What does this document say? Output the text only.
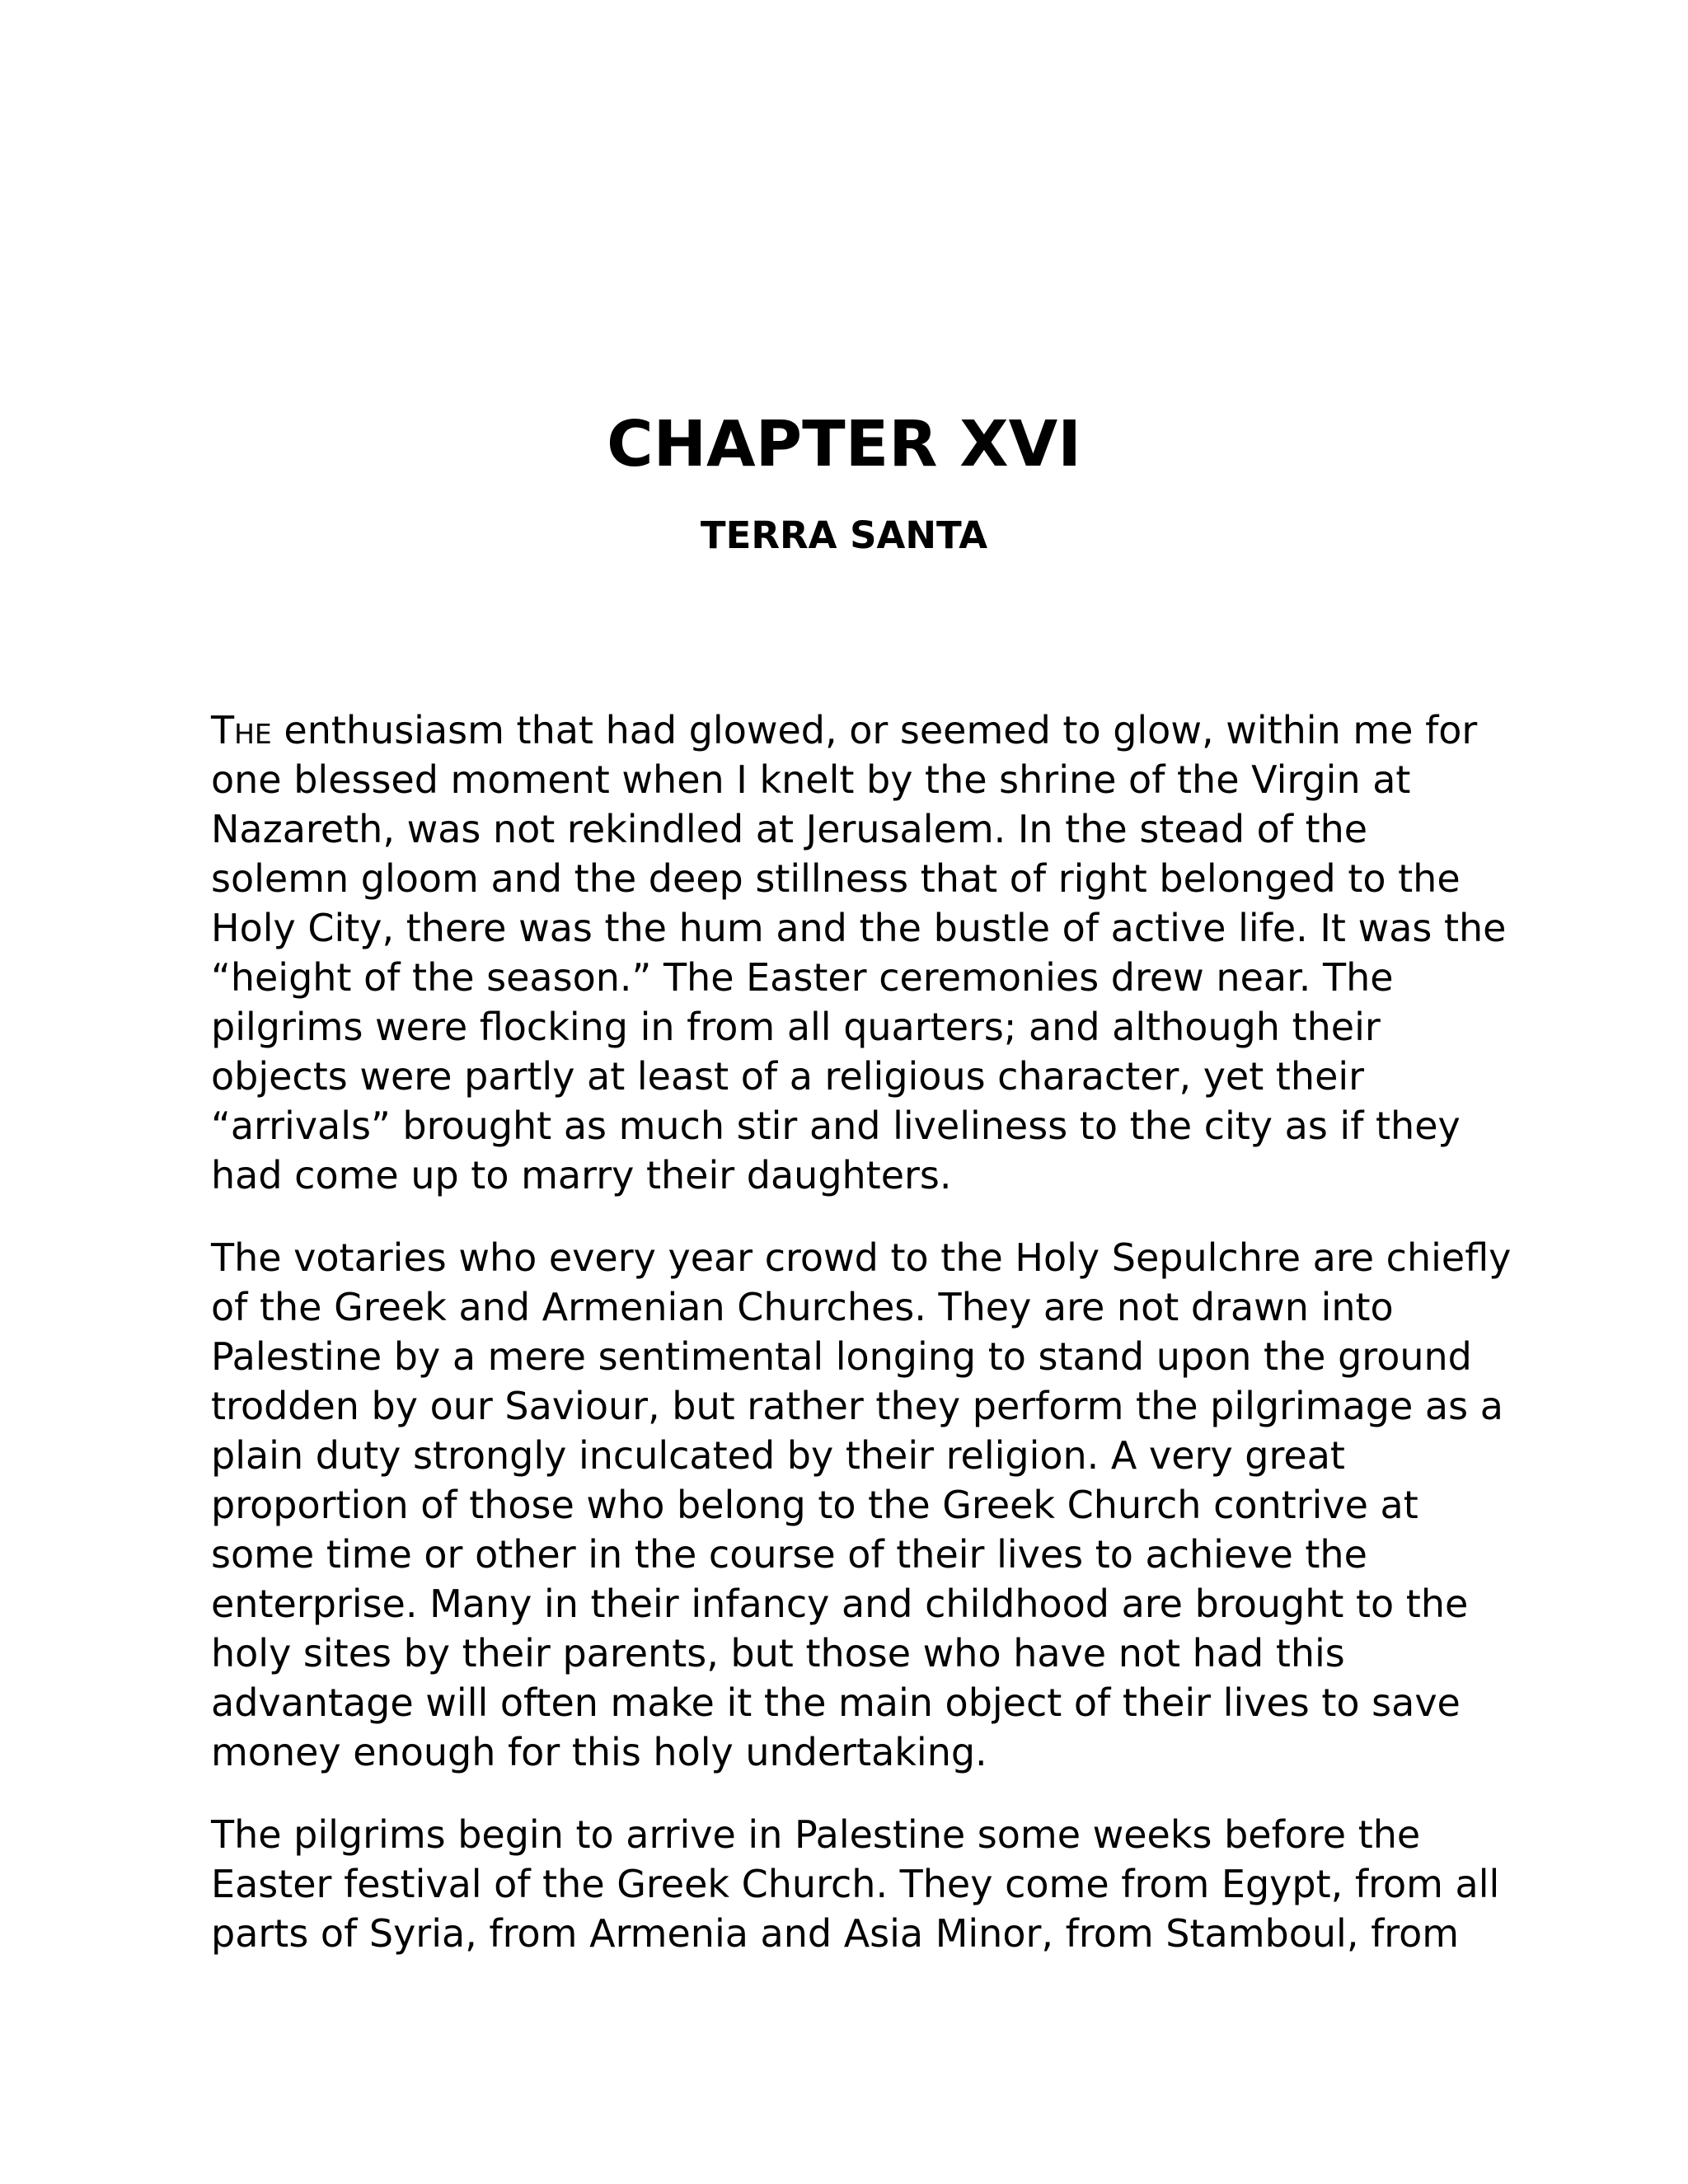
CHAPTER XVI
TERRA SANTA

THE enthusiasm that had glowed, or seemed to glow, within me for
one blessed moment when I knelt by the shrine of the Virgin at
Nazareth, was not rekindled at Jerusalem. In the stead of the
solemn gloom and the deep stillness that of right belonged to the
Holy City, there was the hum and the bustle of active life. It was the
“height of the season.” The Easter ceremonies drew near. The
pilgrims were flocking in from all quarters; and although their
objects were partly at least of a religious character, yet their
“arrivals” brought as much stir and liveliness to the city as if they
had come up to marry their daughters.

The votaries who every year crowd to the Holy Sepulchre are chiefly
of the Greek and Armenian Churches. They are not drawn into
Palestine by a mere sentimental longing to stand upon the ground
trodden by our Saviour, but rather they perform the pilgrimage as a
plain duty strongly inculcated by their religion. A very great
proportion of those who belong to the Greek Church contrive at
some time or other in the course of their lives to achieve the
enterprise. Many in their infancy and childhood are brought to the
holy sites by their parents, but those who have not had this
advantage will often make it the main object of their lives to save
money enough for this holy undertaking.

The pilgrims begin to arrive in Palestine some weeks before the
Easter festival of the Greek Church. They come from Egypt, from all
parts of Syria, from Armenia and Asia Minor, from Stamboul, from
